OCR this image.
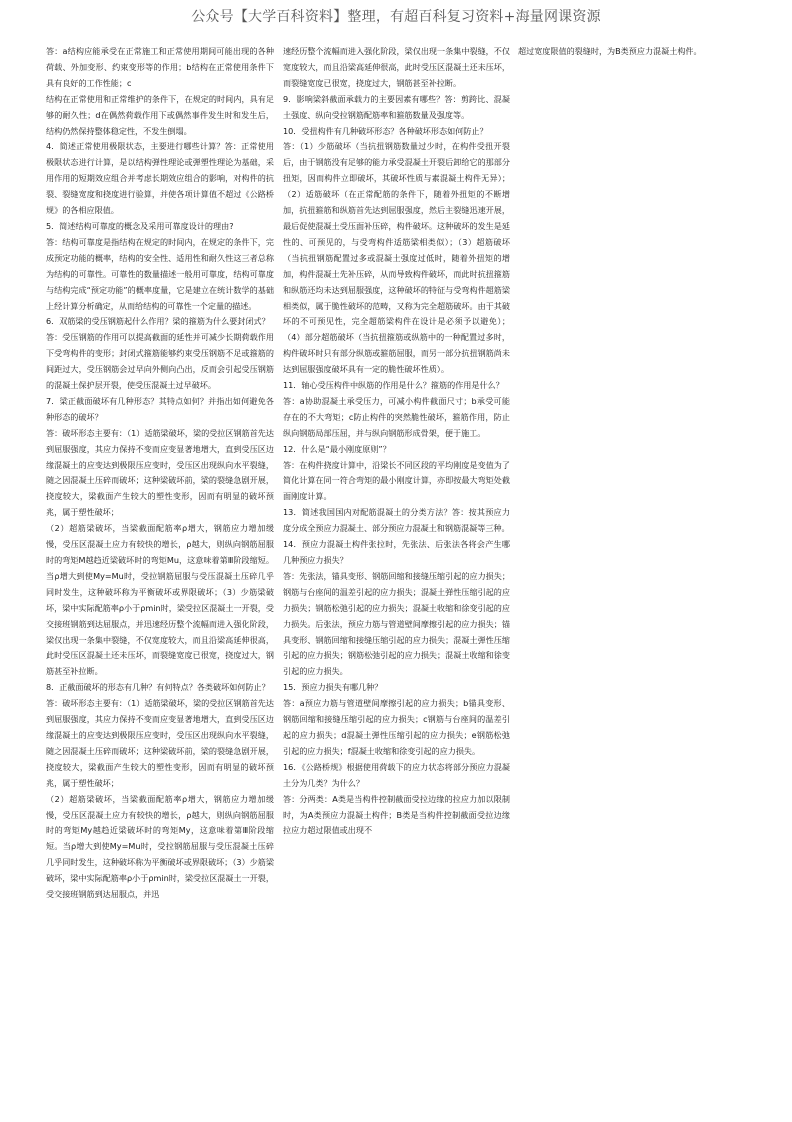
公众号【大学百科资料】整理，有超百科复习资料+海量网课资源

答：a结构应能承受在正常施工和正常使用期间可能出现的各种荷载、外加变形、约束变形等的作用；b结构在正常使用条件下具有良好的工作性能；c

结构在正常使用和正常维护的条件下，在规定的时间内，具有足够的耐久性；d在偶然荷载作用下或偶然事件发生时和发生后，结构仍然保持整体稳定性，不发生倒塌。

4．简述正常使用极限状态，主要进行哪些计算？答：正常使用极限状态进行计算，是以结构弹性理论或弹塑性理论为基础，采用作用的短期效应组合并考虑长期效应组合的影响，对构件的抗裂、裂缝宽度和挠度进行验算，并使各项计算值不超过《公路桥规》的各相应限值。

5．简述结构可靠度的概念及采用可靠度设计的理由?

答：结构可靠度是指结构在规定的时间内，在规定的条件下，完成预定功能的概率，结构的安全性、适用性和耐久性这三者总称为结构的可靠性。可靠性的数量描述一般用可靠度，结构可靠度与结构完成“预定功能”的概率度量，它是建立在统计数学的基础上经计算分析确定，从而给结构的可靠性一个定量的描述。

6．双筋梁的受压钢筋起什么作用？梁的箍筋为什么要封闭式？

答：受压钢筋的作用可以提高截面的延性并可减少长期荷载作用下受弯构件的变形；封闭式箍筋能够约束受压钢筋不足或箍筋的间距过大，受压钢筋会过早向外侧向凸出，反而会引起受压钢筋的混凝土保护层开裂，使受压混凝土过早破坏。

7．梁正截面破坏有几种形态？其特点如何？并指出如何避免各种形态的破坏？

答：破坏形态主要有：（1）适筋梁破坏，梁的受拉区钢筋首先达到屈服强度，其应力保持不变而应变显著地增大，直到受压区边缘混凝土的应变达到极限压应变时，受压区出现纵向水平裂缝，随之因混凝土压碎而破坏；这种梁破坏前，梁的裂缝急剧开展，挠度较大，梁截面产生较大的塑性变形，因而有明显的破坏预兆，属于塑性破坏；

（2）超筋梁破坏，当梁截面配筋率ρ增大，钢筋应力增加缓慢，受压区混凝土应力有较快的增长，ρ越大，则纵向钢筋屈服时的弯矩M越趋近梁破坏时的弯矩Mu，这意味着第Ⅲ阶段缩短。当ρ增大到使My=Mu时，受拉钢筋屈服与受压混凝土压碎几乎同时发生，这种破坏称为平衡破坏或界限破坏；（3）少筋梁破坏，梁中实际配筋率ρ小于ρmin时，梁受拉区混凝土一开裂，受交接班钢筋到达屈服点，并迅速经历整个流幅而进入强化阶段，梁仅出现一条集中裂缝，不仅宽度较大，而且沿梁高延伸很高，此时受压区混凝土还未压坏，而裂缝宽度已很宽，挠度过大，钢筋甚至补拉断。

8．正截面破坏的形态有几种？有何特点？各类破坏如何防止？

答：破坏形态主要有：（1）适筋梁破坏，梁的受拉区钢筋首先达到屈服强度，其应力保持不变而应变显著地增大，直到受压区边缘混凝土的应变达到极限压应变时，受压区出现纵向水平裂缝，随之因混凝土压碎而破坏；这种梁破坏前，梁的裂缝急剧开展，挠度较大，梁截面产生较大的塑性变形，因而有明显的破坏预兆，属于塑性破坏；

（2）超筋梁破坏，当梁截面配筋率ρ增大，钢筋应力增加缓慢，受压区混凝土应力有较快的增长，ρ越大，则纵向钢筋屈服时的弯矩My越趋近梁破坏时的弯矩My，这意味着第Ⅲ阶段缩短。当ρ增大到使My=Mu时，受拉钢筋屈服与受压混凝土压碎几乎同时发生，这种破坏称为平衡破坏或界限破坏；（3）少筋梁破坏，梁中实际配筋率ρ小于ρmin时，梁受拉区混凝土一开裂，受交接班钢筋到达屈服点，并迅

速经历整个流幅而进入强化阶段，梁仅出现一条集中裂缝，不仅宽度较大，而且沿梁高延伸很高，此时受压区混凝土还未压坏，而裂缝宽度已很宽，挠度过大，钢筋甚至补拉断。

9．影响梁斜截面承载力的主要因素有哪些？答：剪跨比、混凝土强度、纵向受拉钢筋配筋率和箍筋数量及强度等。

10．受扭构件有几种破坏形态？各种破坏形态如何防止？

答：（1）少筋破坏（当抗扭钢筋数量过少时，在构件受扭开裂后，由于钢筋没有足够的能力承受混凝土开裂后卸给它的那部分扭矩，因而构件立即破坏，其破坏性质与素混凝土构件无异）；（2）适筋破坏（在正常配筋的条件下，随着外扭矩的不断增加，抗扭箍筋和纵筋首先达到屈服强度，然后主裂缝迅速开展，最后促使混凝土受压面补压碎，构件破坏。这种破坏的发生是延性的、可预见的，与受弯构件适筋梁相类似）；（3）超筋破坏（当抗扭钢筋配置过多或混凝土强度过低时，随着外扭矩的增加，构件混凝土先补压碎，从而导致构件破坏，而此时抗扭箍筋和纵筋还均未达到屈服强度，这种破坏的特征与受弯构件超筋梁相类似，属于脆性破坏的范畴，又称为完全超筋破坏。由于其破坏的不可预见性，完全超筋梁构件在设计是必须予以避免）；（4）部分超筋破坏（当抗扭箍筋或纵筋中的一种配置过多时，构件破坏时只有部分纵筋或箍筋屈服，而另一部分抗扭钢筋尚未达到屈服强度破坏具有一定的脆性破坏性质）。

11．轴心受压构件中纵筋的作用是什么？箍筋的作用是什么？

答：a协助混凝土承受压力，可减小构件截面尺寸；b承受可能存在的不大弯矩；c防止构件的突然脆性破坏，箍筋作用，防止纵向钢筋局部压屈，并与纵向钢筋形成骨架，便于施工。

12．什么是“最小刚度原则”？

答：在构件挠度计算中，沿梁长不同区段的平均刚度是变值为了简化计算在同一符合弯矩的最小刚度计算，亦即按最大弯矩处截面刚度计算。

13．简述我国国内对配筋混凝土的分类方法？答：按其预应力度分成全预应力混凝土、部分预应力混凝土和钢筋混凝等三种。

14．预应力混凝土构件张拉时，先张法、后张法各将会产生哪几种预应力损失？

答：先张法，锚具变形、钢筋回缩和接缝压缩引起的应力损失；钢筋与台座间的温差引起的应力损失；混凝土弹性压缩引起的应力损失；钢筋松弛引起的应力损失；混凝土收缩和徐变引起的应力损失。后张法，预应力筋与管道壁间摩擦引起的应力损失；锚具变形、钢筋回缩和接缝压缩引起的应力损失；混凝土弹性压缩引起的应力损失；钢筋松弛引起的应力损失；混凝土收缩和徐变引起的应力损失。

15．预应力损失有哪几种？

答：a预应力筋与管道壁间摩擦引起的应力损失；b锚具变形、钢筋回缩和接缝压缩引起的应力损失；c钢筋与台座间的温差引起的应力损失；d混凝土弹性压缩引起的应力损失；e钢筋松弛引起的应力损失；f混凝土收缩和徐变引起的应力损失。

16．《公路桥规》根据使用荷载下的应力状态将部分预应力混凝土分为几类？为什么？

答：分两类：A类是当构件控制截面受拉边缘的拉应力加以限制时，为A类预应力混凝土构件；B类是当构件控制截面受拉边缘拉应力超过限值或出现不

超过宽度限值的裂缝时，为B类预应力混凝土构件。
